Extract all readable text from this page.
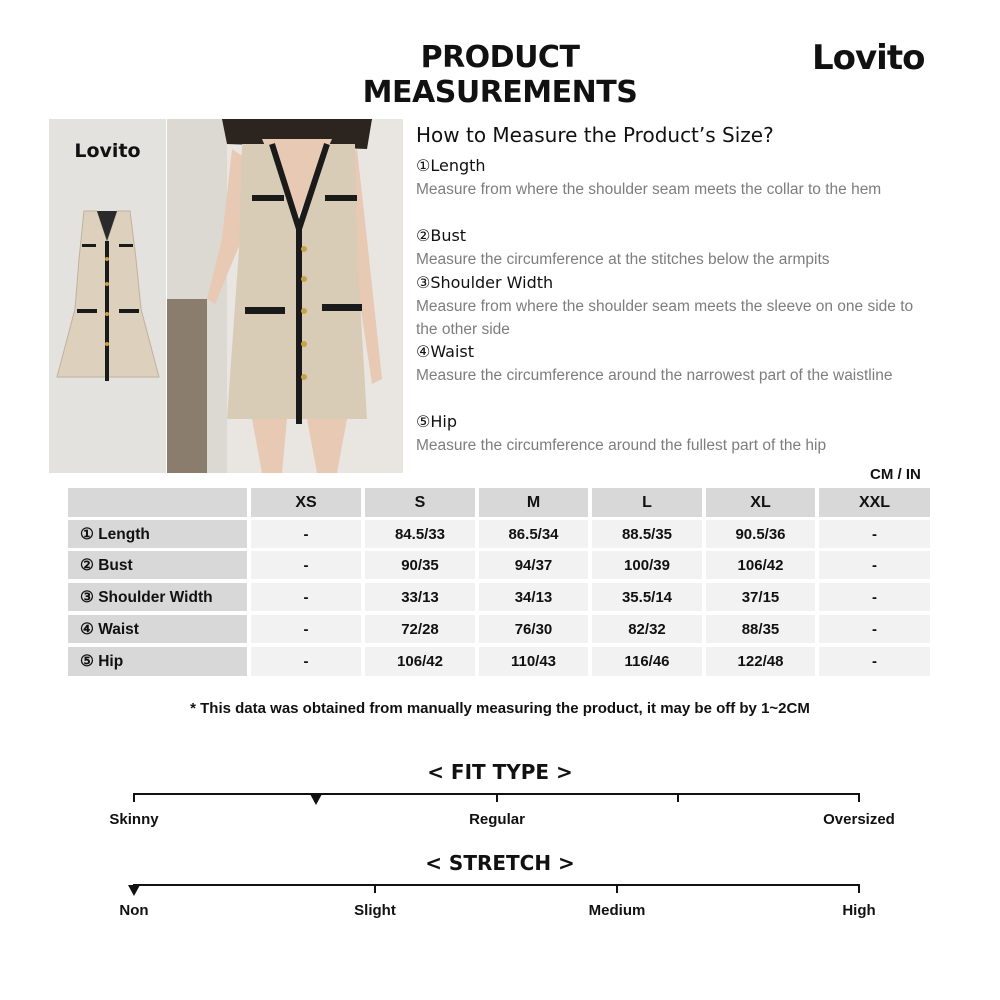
PRODUCT MEASUREMENTS
Lovito
Lovito
How to Measure the Product’s Size?
①Length
Measure from where the shoulder seam meets the collar to the hem
②Bust
Measure the circumference at the stitches below the armpits
③Shoulder Width
Measure from where the shoulder seam meets the sleeve on one side to the other side
④Waist
Measure the circumference around the narrowest part of the waistline
⑤Hip
Measure the circumference around the fullest part of the hip
CM / IN
XS	S	M	L	XL	XXL
① Length	-	84.5/33	86.5/34	88.5/35	90.5/36	-
② Bust	-	90/35	94/37	100/39	106/42	-
③ Shoulder Width	-	33/13	34/13	35.5/14	37/15	-
④ Waist	-	72/28	76/30	82/32	88/35	-
⑤ Hip	-	106/42	110/43	116/46	122/48	-
* This data was obtained from manually measuring the product, it may be off by 1~2CM
< FIT TYPE >
Skinny	Regular	Oversized
< STRETCH >
Non	Slight	Medium	High
